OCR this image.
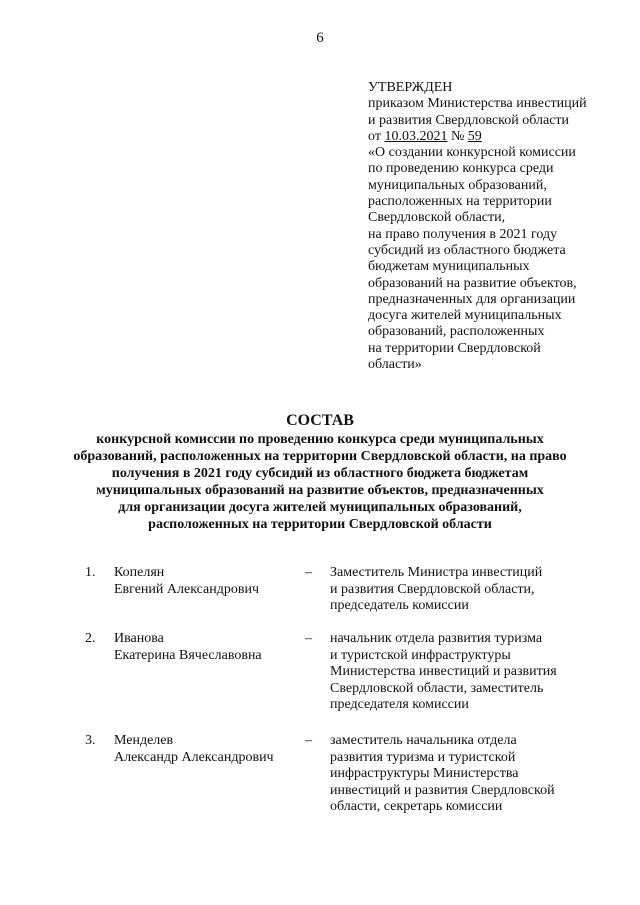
6
УТВЕРЖДЕН
приказом Министерства инвестиций
и развития Свердловской области
от 10.03.2021 № 59
«О создании конкурсной комиссии
по проведению конкурса среди
муниципальных образований,
расположенных на территории
Свердловской области,
на право получения в 2021 году
субсидий из областного бюджета
бюджетам муниципальных
образований на развитие объектов,
предназначенных для организации
досуга жителей муниципальных
образований, расположенных
на территории Свердловской
области»
СОСТАВ
конкурсной комиссии по проведению конкурса среди муниципальных
образований, расположенных на территории Свердловской области, на право
получения в 2021 году субсидий из областного бюджета бюджетам
муниципальных образований на развитие объектов, предназначенных
для организации досуга жителей муниципальных образований,
расположенных на территории Свердловской области
1.	Копелян
Евгений Александрович
–	Заместитель Министра инвестиций
и развития Свердловской области,
председатель комиссии
2.	Иванова
Екатерина Вячеславовна
–	начальник отдела развития туризма
и туристской инфраструктуры
Министерства инвестиций и развития
Свердловской области, заместитель
председателя комиссии
3.	Менделев
Александр Александрович
–	заместитель начальника отдела
развития туризма и туристской
инфраструктуры Министерства
инвестиций и развития Свердловской
области, секретарь комиссии
